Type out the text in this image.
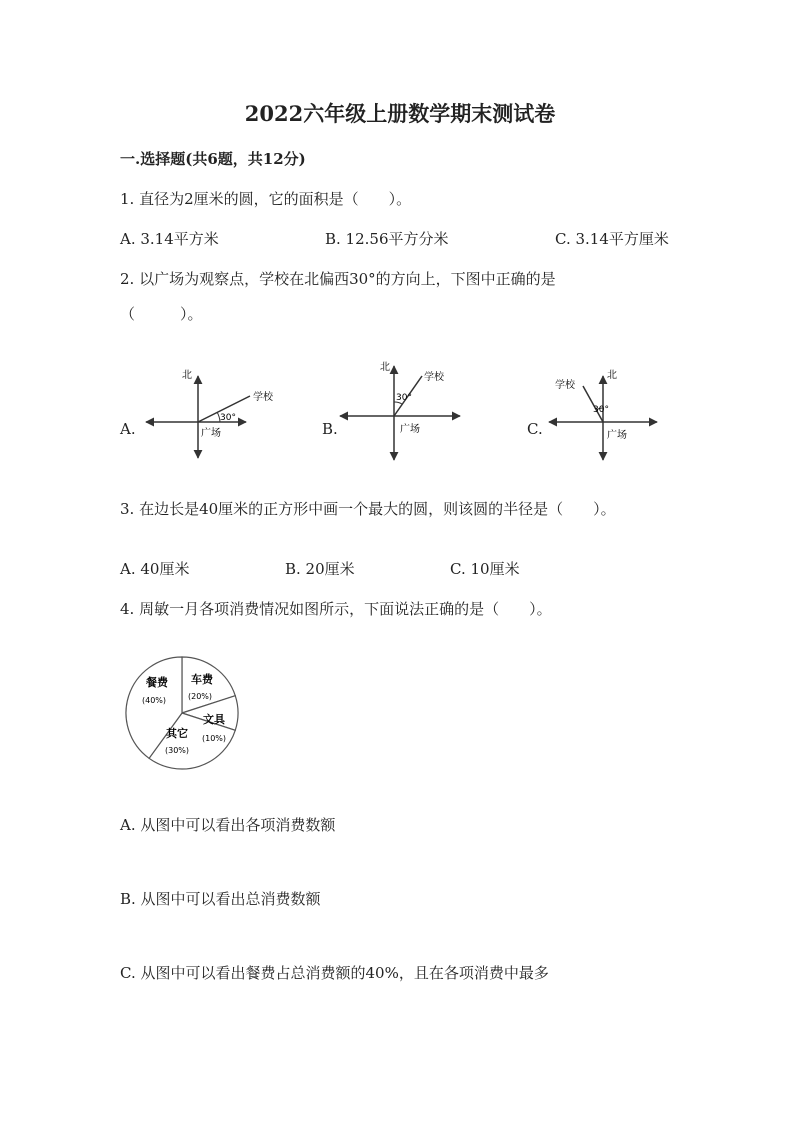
2022六年级上册数学期末测试卷
一.选择题(共6题，共12分)
1. 直径为2厘米的圆，它的面积是（　　）。
A. 3.14平方米	B. 12.56平方分米	C. 3.14平方厘米
2. 以广场为观察点，学校在北偏西30°的方向上，下图中正确的是
（　　　）。
A.
北
学校
30°
广场	B.
北
学校
30°
广场	C.
北
学校
30°
广场
3. 在边长是40厘米的正方形中画一个最大的圆，则该圆的半径是（　　）。
A. 40厘米	B. 20厘米	C. 10厘米
4. 周敏一月各项消费情况如图所示，下面说法正确的是（　　）。
餐费
(40%)
车费
(20%)
文具
(10%)
其它
(30%)
A. 从图中可以看出各项消费数额
B. 从图中可以看出总消费数额
C. 从图中可以看出餐费占总消费额的40%，且在各项消费中最多
